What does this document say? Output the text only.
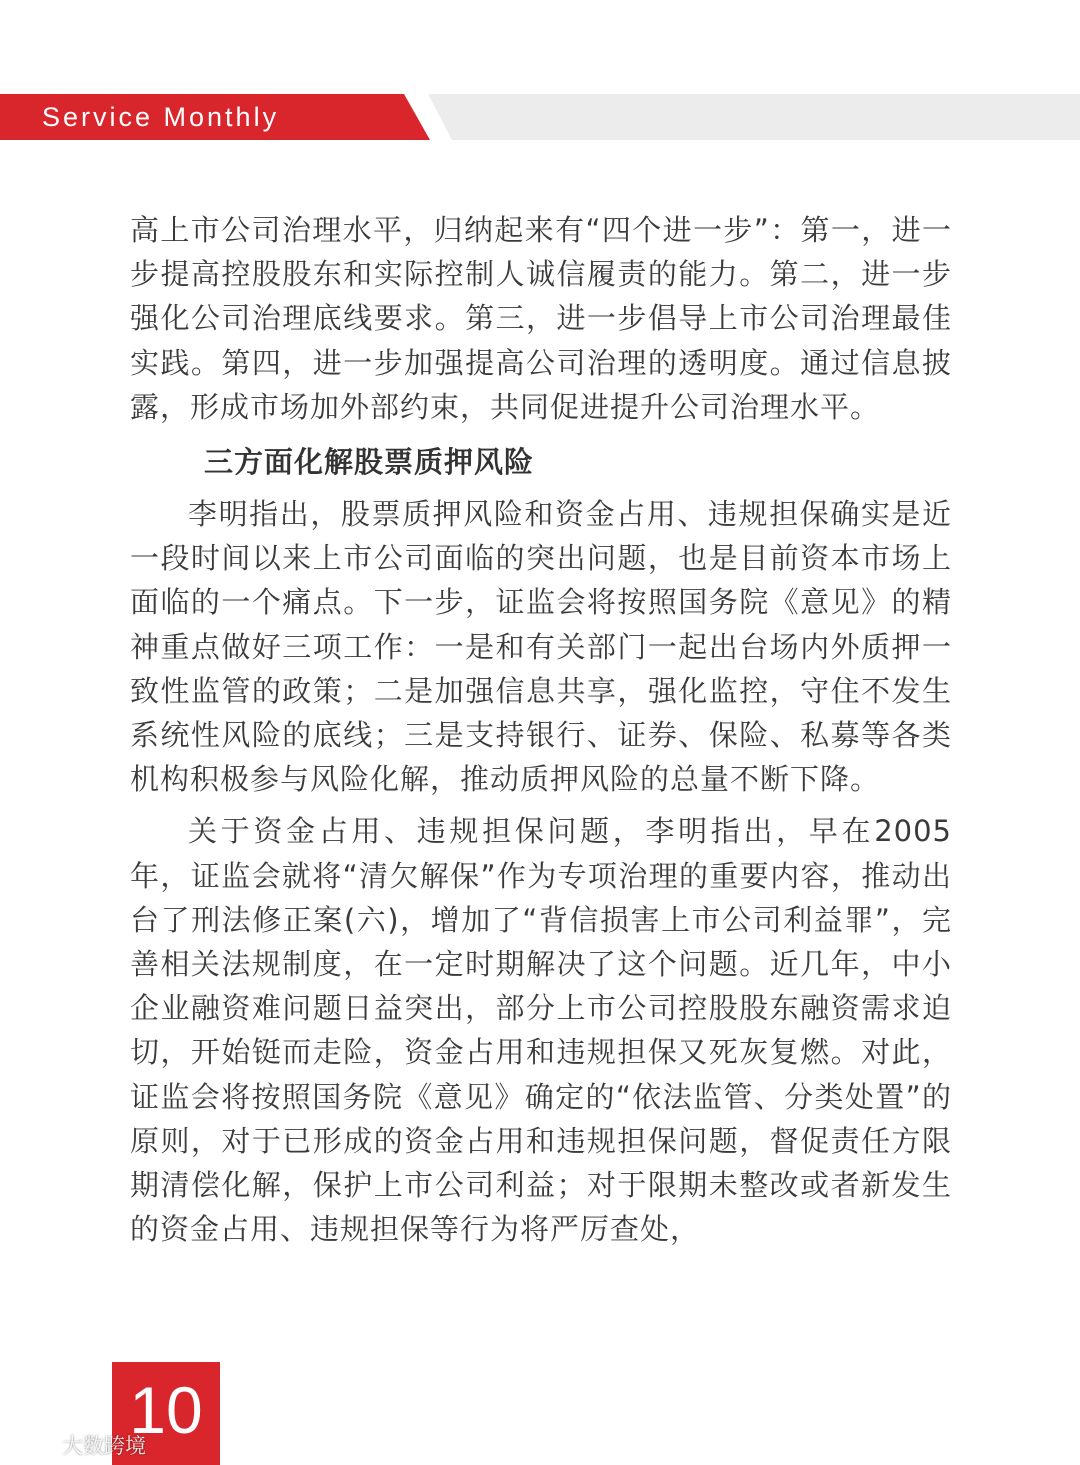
Service Monthly

高上市公司治理水平，归纳起来有“四个进一步”：第一，进一步提高控股股东和实际控制人诚信履责的能力。第二，进一步强化公司治理底线要求。第三，进一步倡导上市公司治理最佳实践。第四，进一步加强提高公司治理的透明度。通过信息披露，形成市场加外部约束，共同促进提升公司治理水平。

三方面化解股票质押风险

李明指出，股票质押风险和资金占用、违规担保确实是近一段时间以来上市公司面临的突出问题，也是目前资本市场上面临的一个痛点。下一步，证监会将按照国务院《意见》的精神重点做好三项工作：一是和有关部门一起出台场内外质押一致性监管的政策；二是加强信息共享，强化监控，守住不发生系统性风险的底线；三是支持银行、证券、保险、私募等各类机构积极参与风险化解，推动质押风险的总量不断下降。

关于资金占用、违规担保问题，李明指出，早在2005年，证监会就将“清欠解保”作为专项治理的重要内容，推动出台了刑法修正案(六)，增加了“背信损害上市公司利益罪”，完善相关法规制度，在一定时期解决了这个问题。近几年，中小企业融资难问题日益突出，部分上市公司控股股东融资需求迫切，开始铤而走险，资金占用和违规担保又死灰复燃。对此，证监会将按照国务院《意见》确定的“依法监管、分类处置”的原则，对于已形成的资金占用和违规担保问题，督促责任方限期清偿化解，保护上市公司利益；对于限期未整改或者新发生的资金占用、违规担保等行为将严厉查处，

10
大数跨境
